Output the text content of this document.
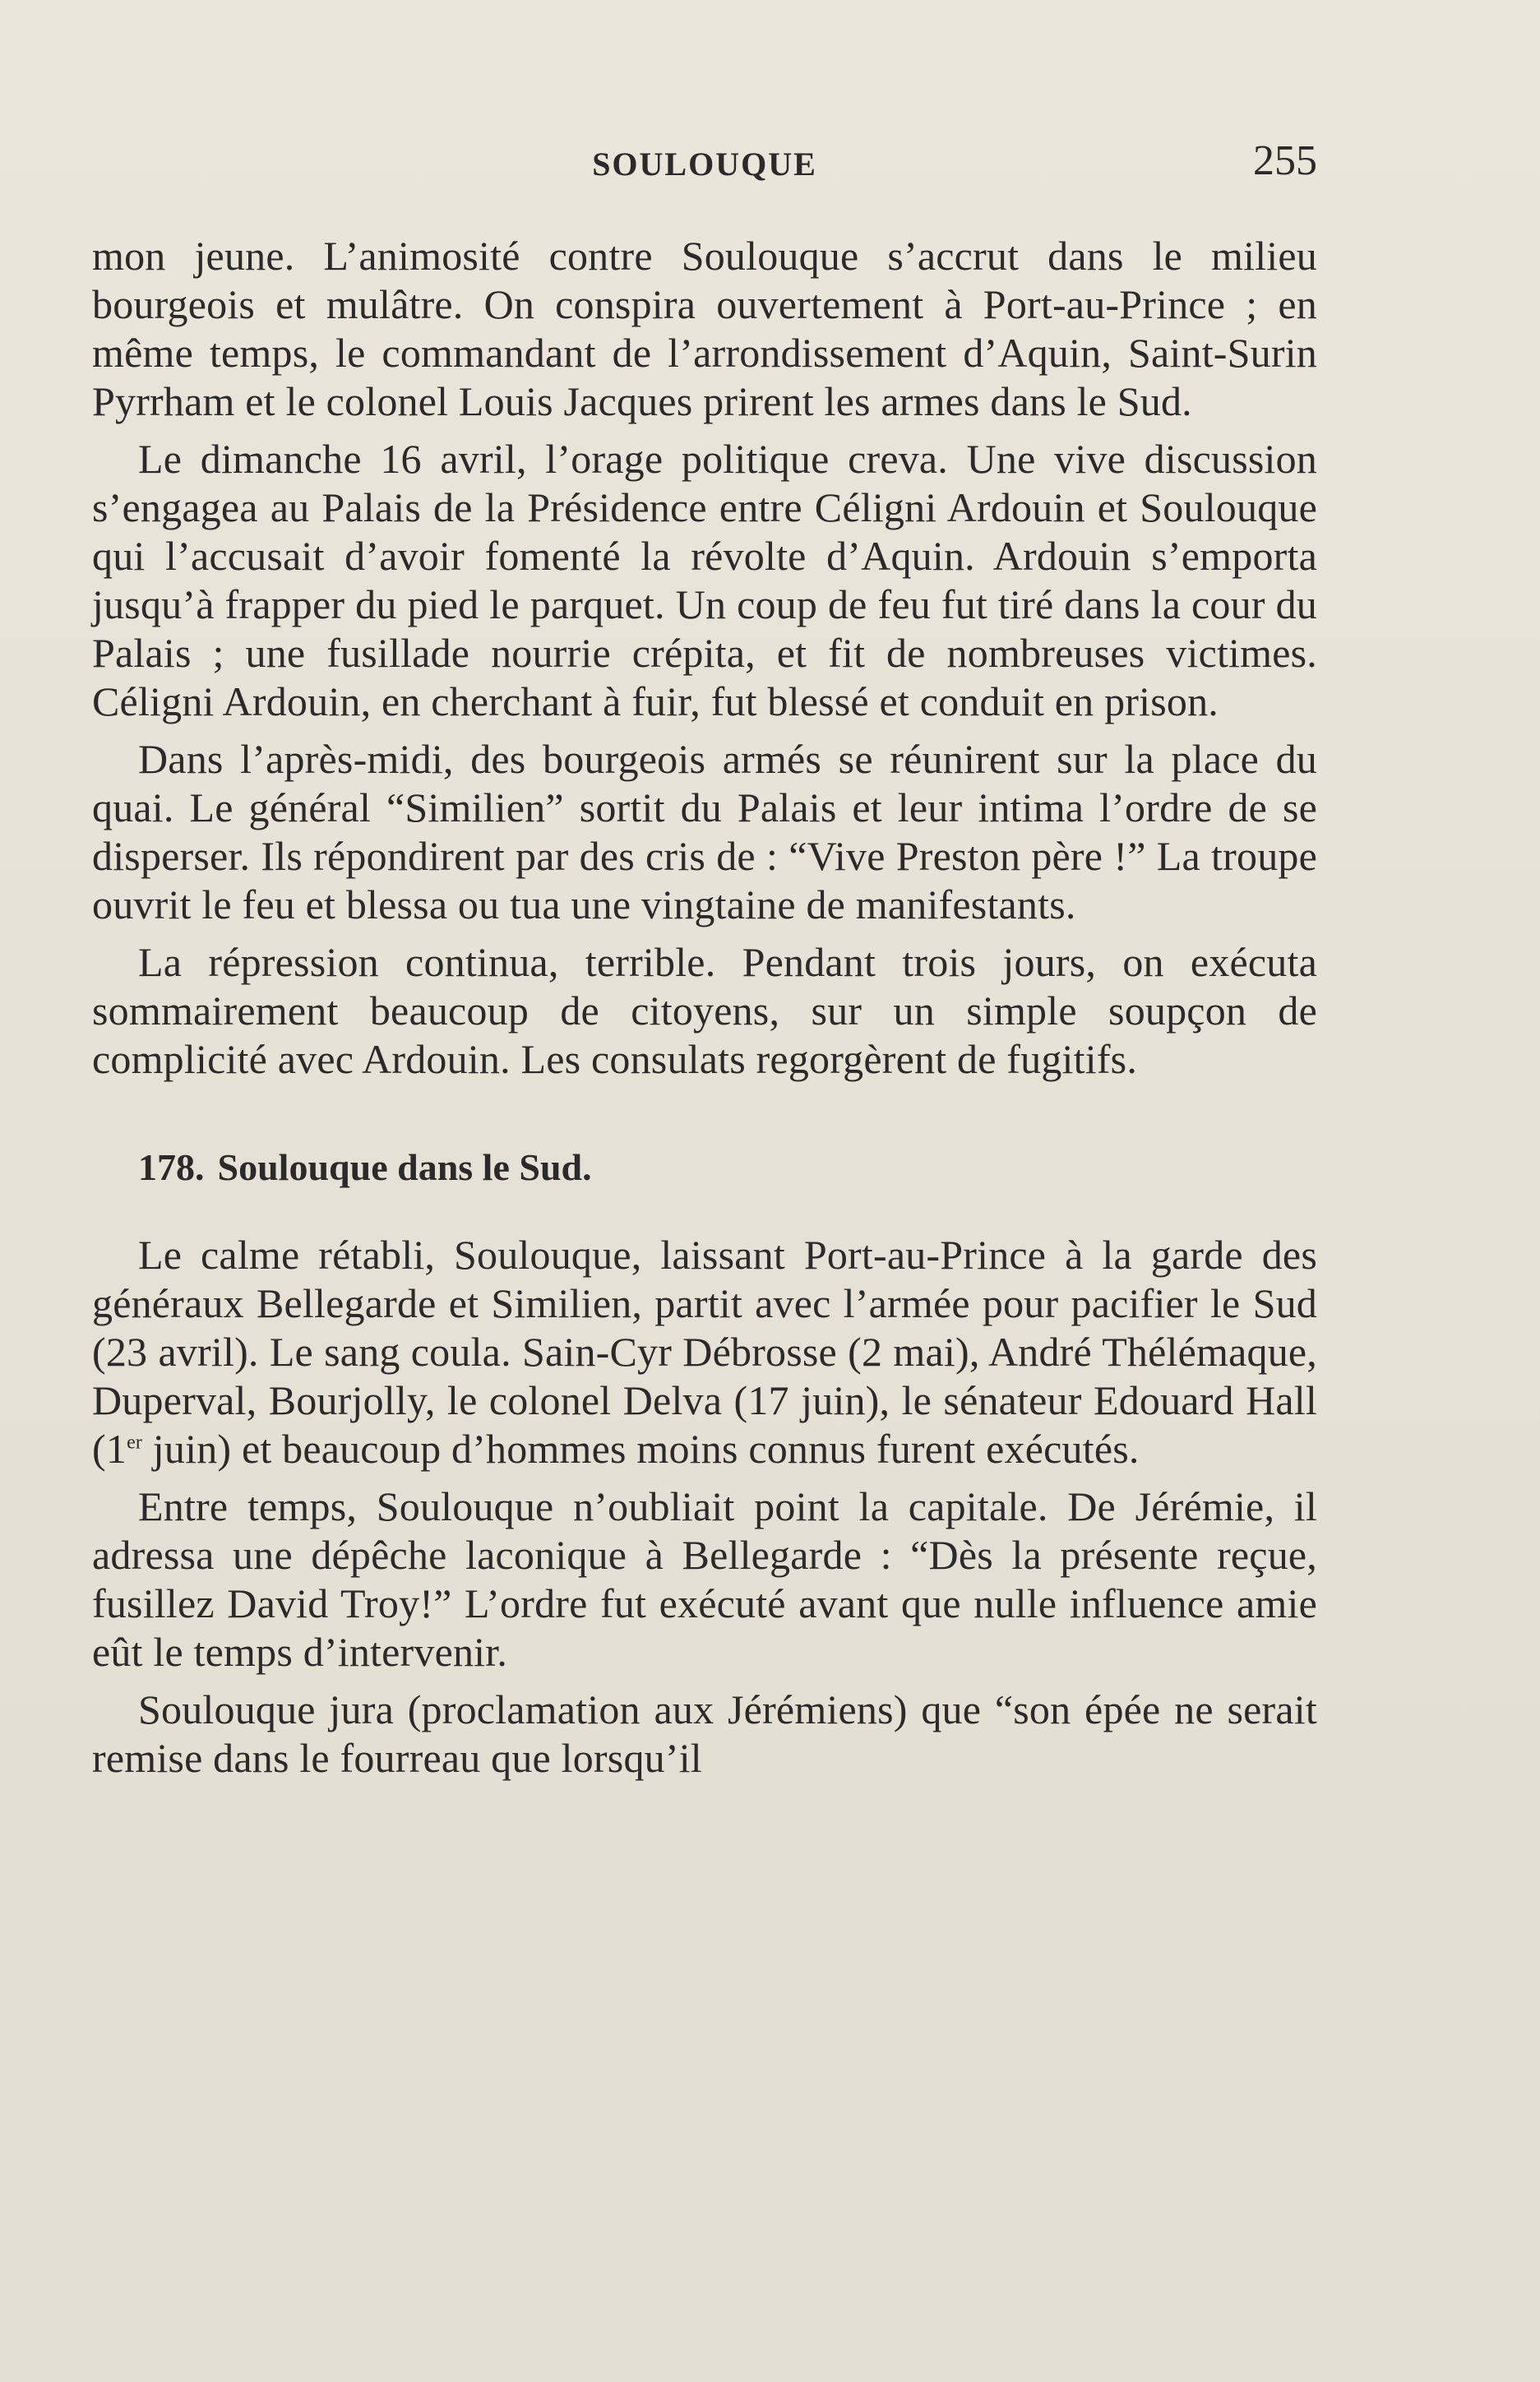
SOULOUQUE	255

mon jeune. L’animosité contre Soulouque s’accrut dans le milieu bourgeois et mulâtre. On conspira ouvertement à Port-au-Prince ; en même temps, le commandant de l’arrondissement d’Aquin, Saint-Surin Pyrrham et le colonel Louis Jacques prirent les armes dans le Sud.

Le dimanche 16 avril, l’orage politique creva. Une vive discussion s’engagea au Palais de la Présidence entre Céligni Ardouin et Soulouque qui l’accusait d’avoir fomenté la révolte d’Aquin. Ardouin s’emporta jusqu’à frapper du pied le parquet. Un coup de feu fut tiré dans la cour du Palais ; une fusillade nourrie crépita, et fit de nombreuses victimes. Céligni Ardouin, en cherchant à fuir, fut blessé et conduit en prison.

Dans l’après-midi, des bourgeois armés se réunirent sur la place du quai. Le général “Similien” sortit du Palais et leur intima l’ordre de se disperser. Ils répondirent par des cris de : “Vive Preston père !” La troupe ouvrit le feu et blessa ou tua une vingtaine de manifestants.

La répression continua, terrible. Pendant trois jours, on exécuta sommairement beaucoup de citoyens, sur un simple soupçon de complicité avec Ardouin. Les consulats regorgèrent de fugitifs.

178. Soulouque dans le Sud.

Le calme rétabli, Soulouque, laissant Port-au-Prince à la garde des généraux Bellegarde et Similien, partit avec l’armée pour pacifier le Sud (23 avril). Le sang coula. Sain-Cyr Débrosse (2 mai), André Thélémaque, Duperval, Bourjolly, le colonel Delva (17 juin), le sénateur Edouard Hall (1er juin) et beaucoup d’hommes moins connus furent exécutés.

Entre temps, Soulouque n’oubliait point la capitale. De Jérémie, il adressa une dépêche laconique à Bellegarde : “Dès la présente reçue, fusillez David Troy!” L’ordre fut exécuté avant que nulle influence amie eût le temps d’intervenir.

Soulouque jura (proclamation aux Jérémiens) que “son épée ne serait remise dans le fourreau que lorsqu’il
